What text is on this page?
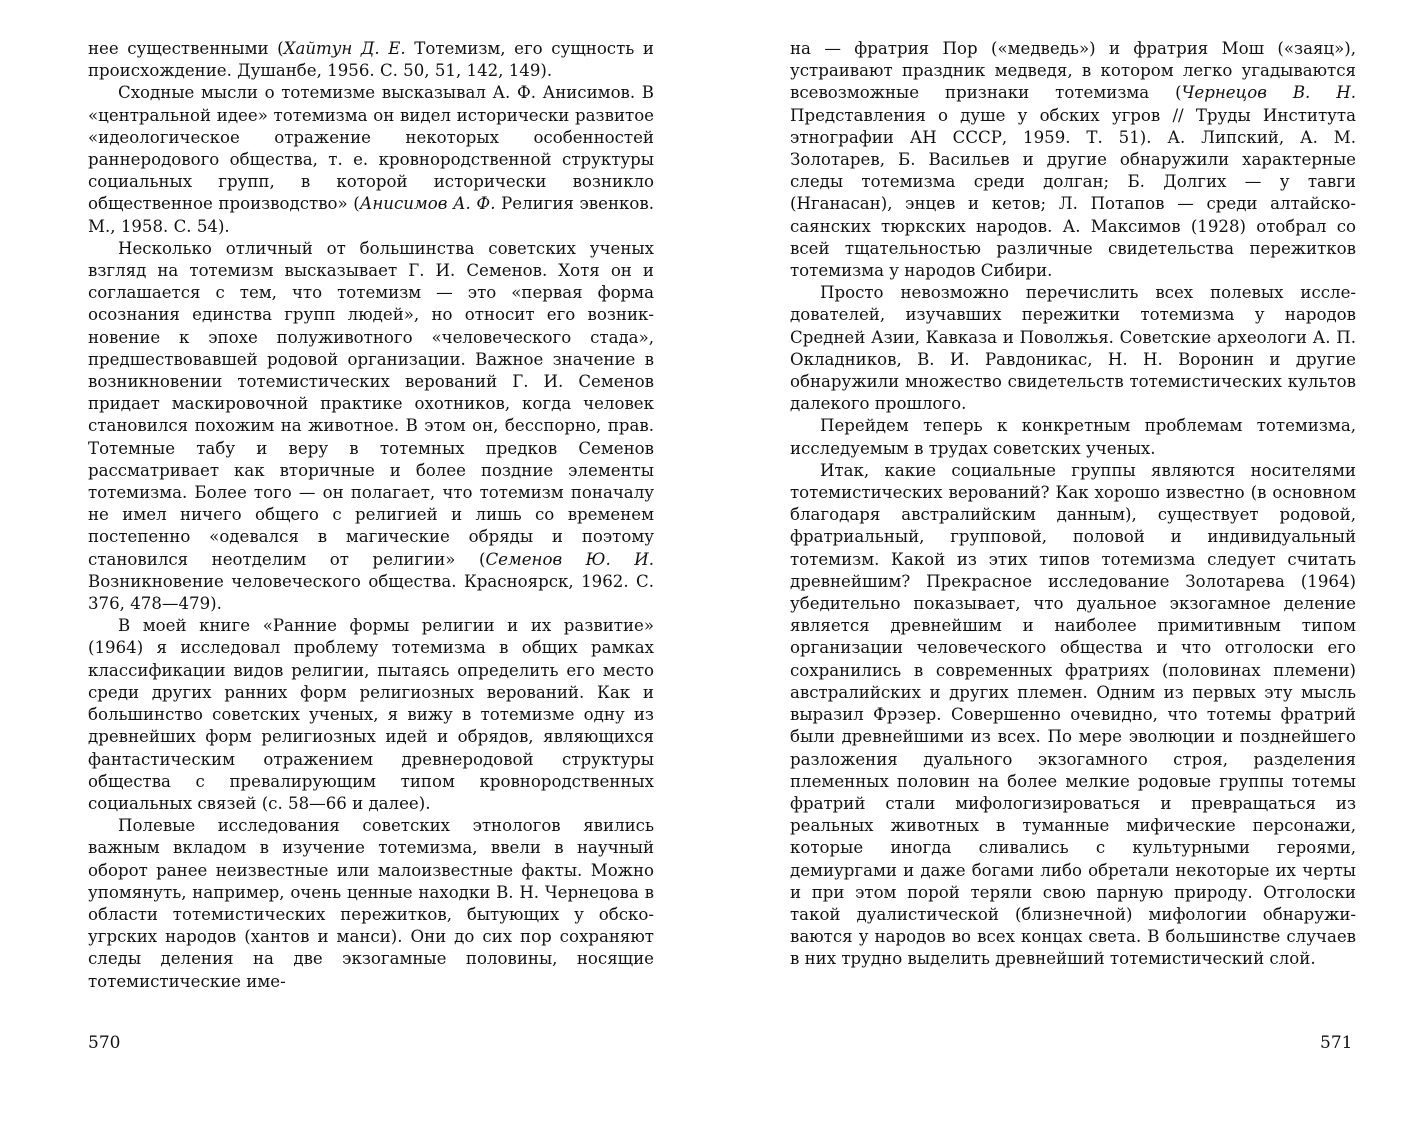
нее существенными (Хайтун Д. Е. Тотемизм, его сущность и происхождение. Душанбе, 1956. С. 50, 51, 142, 149).

Сходные мысли о тотемизме высказывал А. Ф. Анисимов. В «центральной идее» тотемизма он видел исторически развитое «идеологическое отражение некоторых особенностей раннеродового общества, т. е. кровнородственной структуры социальных групп, в которой исторически возникло общественное производство» (Анисимов А. Ф. Религия эвенков. М., 1958. С. 54).

Несколько отличный от большинства советских ученых взгляд на тотемизм высказывает Г. И. Семенов. Хотя он и соглашается с тем, что тотемизм — это «первая форма осознания единства групп людей», но относит его возникновение к эпохе полуживотного «человеческого стада», предшествовавшей родовой организации. Важное значение в возникновении тотемистических верований Г. И. Семенов придает маскировочной практике охотников, когда человек становился похожим на животное. В этом он, бесспорно, прав. Тотемные табу и веру в тотемных предков Семенов рассматривает как вторичные и более поздние элементы тотемизма. Более того — он полагает, что тотемизм поначалу не имел ничего общего с религией и лишь со временем постепенно «одевался в магические обряды и поэтому становился неотделим от религии» (Семенов Ю. И. Возникновение человеческого общества. Красноярск, 1962. С. 376, 478—479).

В моей книге «Ранние формы религии и их развитие» (1964) я исследовал проблему тотемизма в общих рамках классификации видов религии, пытаясь определить его место среди других ранних форм религиозных верований. Как и большинство советских ученых, я вижу в тотемизме одну из древнейших форм религиозных идей и обрядов, являющихся фантастическим отражением древнеродовой структуры общества с превалирующим типом кровнородственных социальных связей (с. 58—66 и далее).

Полевые исследования советских этнологов явились важным вкладом в изучение тотемизма, ввели в научный оборот ранее неизвестные или малоизвестные факты. Можно упомянуть, например, очень ценные находки В. Н. Чернецова в области тотемистических пережитков, бытующих у обско-угрских народов (хантов и манси). Они до сих пор сохраняют следы деления на две экзогамные половины, носящие тотемистические име-

570

на — фратрия Пор («медведь») и фратрия Мош («заяц»), устраивают праздник медведя, в котором легко угадываются всевозможные признаки тотемизма (Чернецов В. Н. Представления о душе у обских угров // Труды Института этнографии АН СССР, 1959. Т. 51). А. Липский, А. М. Золотарев, Б. Васильев и другие обнаружили характерные следы тотемизма среди долган; Б. Долгих — у тавги (Нганасан), энцев и кетов; Л. Потапов — среди алтайско-саянских тюркских народов. А. Максимов (1928) отобрал со всей тщательностью различные свидетельства пережитков тотемизма у народов Сибири.

Просто невозможно перечислить всех полевых исследователей, изучавших пережитки тотемизма у народов Средней Азии, Кавказа и Поволжья. Советские археологи А. П. Окладников, В. И. Равдоникас, Н. Н. Воронин и другие обнаружили множество свидетельств тотемистических культов далекого прошлого.

Перейдем теперь к конкретным проблемам тотемизма, исследуемым в трудах советских ученых.

Итак, какие социальные группы являются носителями тотемистических верований? Как хорошо известно (в основном благодаря австралийским данным), существует родовой, фратриальный, групповой, половой и индивидуальный тотемизм. Какой из этих типов тотемизма следует считать древнейшим? Прекрасное исследование Золотарева (1964) убедительно показывает, что дуальное экзогамное деление является древнейшим и наиболее примитивным типом организации человеческого общества и что отголоски его сохранились в современных фратриях (половинах племени) австралийских и других племен. Одним из первых эту мысль выразил Фрэзер. Совершенно очевидно, что тотемы фратрий были древнейшими из всех. По мере эволюции и позднейшего разложения дуального экзогамного строя, разделения племенных половин на более мелкие родовые группы тотемы фратрий стали мифологизироваться и превращаться из реальных животных в туманные мифические персонажи, которые иногда сливались с культурными героями, демиургами и даже богами либо обретали некоторые их черты и при этом порой теряли свою парную природу. Отголоски такой дуалистической (близнечной) мифологии обнаруживаются у народов во всех концах света. В большинстве случаев в них трудно выделить древнейший тотемистический слой.

571
